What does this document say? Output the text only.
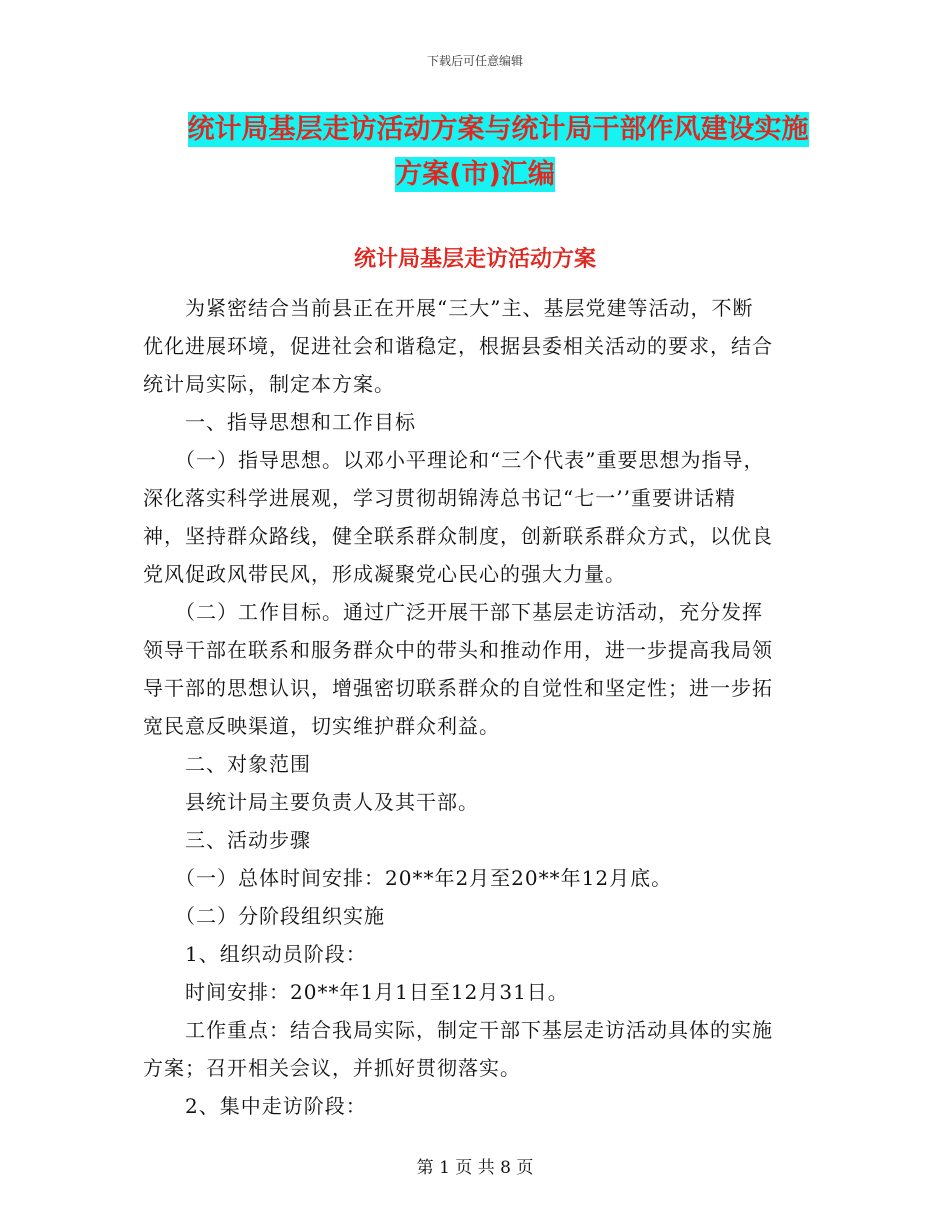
下载后可任意编辑
统计局基层走访活动方案与统计局干部作风建设实施
方案(市)汇编
统计局基层走访活动方案
　　为紧密结合当前县正在开展“三大”主、基层党建等活动，不断
优化进展环境，促进社会和谐稳定，根据县委相关活动的要求，结合
统计局实际，制定本方案。
　　一、指导思想和工作目标
　　（一）指导思想。以邓小平理论和“三个代表”重要思想为指导，
深化落实科学进展观，学习贯彻胡锦涛总书记“七一’’重要讲话精
神，坚持群众路线，健全联系群众制度，创新联系群众方式，以优良
党风促政风带民风，形成凝聚党心民心的强大力量。
　　（二）工作目标。通过广泛开展干部下基层走访活动，充分发挥
领导干部在联系和服务群众中的带头和推动作用，进一步提高我局领
导干部的思想认识，增强密切联系群众的自觉性和坚定性；进一步拓
宽民意反映渠道，切实维护群众利益。
　　二、对象范围
　　县统计局主要负责人及其干部。
　　三、活动步骤
　　（一）总体时间安排：20**年2月至20**年12月底。
　　（二）分阶段组织实施
　　1、组织动员阶段：
　　时间安排：20**年1月1日至12月31日。
　　工作重点：结合我局实际，制定干部下基层走访活动具体的实施
方案；召开相关会议，并抓好贯彻落实。
　　2、集中走访阶段：
第 1 页 共 8 页
